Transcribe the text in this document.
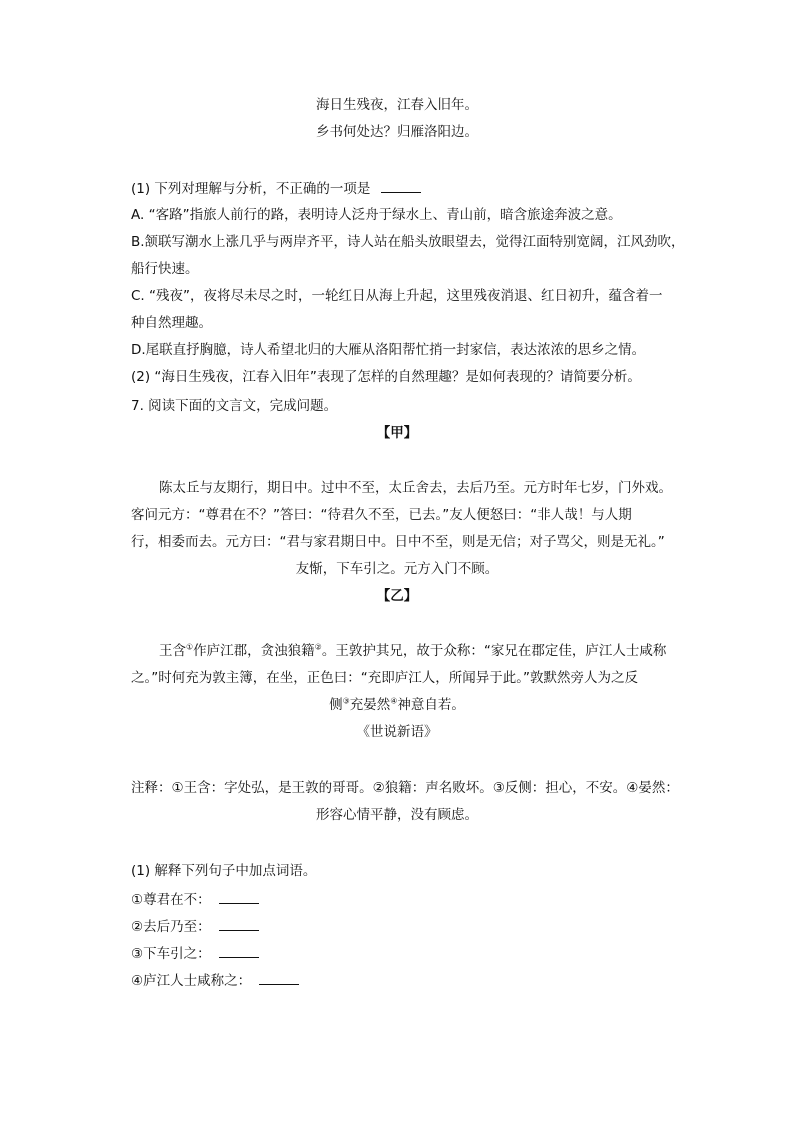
海日生残夜，江春入旧年。
乡书何处达？归雁洛阳边。
(1) 下列对理解与分析，不正确的一项是
A. “客路”指旅人前行的路，表明诗人泛舟于绿水上、青山前，暗含旅途奔波之意。
B.颔联写潮水上涨几乎与两岸齐平，诗人站在船头放眼望去，觉得江面特别宽阔，江风劲吹，
船行快速。
C. “残夜”，夜将尽未尽之时，一轮红日从海上升起，这里残夜消退、红日初升，蕴含着一
种自然理趣。
D.尾联直抒胸臆，诗人希望北归的大雁从洛阳帮忙捎一封家信，表达浓浓的思乡之情。
(2) “海日生残夜，江春入旧年”表现了怎样的自然理趣？是如何表现的？请简要分析。
7. 阅读下面的文言文，完成问题。
【甲】
陈太丘与友期行，期日中。过中不至，太丘舍去，去后乃至。元方时年七岁，门外戏。
客问元方：“尊君在不？”答曰：“待君久不至，已去。”友人便怒曰：“非人哉！与人期
行，相委而去。元方曰：“君与家君期日中。日中不至，则是无信；对子骂父，则是无礼。”
友惭，下车引之。元方入门不顾。
【乙】
王含①作庐江郡，贪浊狼籍②。王敦护其兄，故于众称：“家兄在郡定佳，庐江人士咸称
之。”时何充为敦主簿，在坐，正色曰：“充即庐江人，所闻异于此。”敦默然旁人为之反
侧③充晏然④神意自若。
《世说新语》
注释：①王含：字处弘，是王敦的哥哥。②狼籍：声名败坏。③反侧：担心，不安。④晏然：
形容心情平静，没有顾虑。
(1) 解释下列句子中加点词语。
①尊君在不：
②去后乃至：
③下车引之：
④庐江人士咸称之：
